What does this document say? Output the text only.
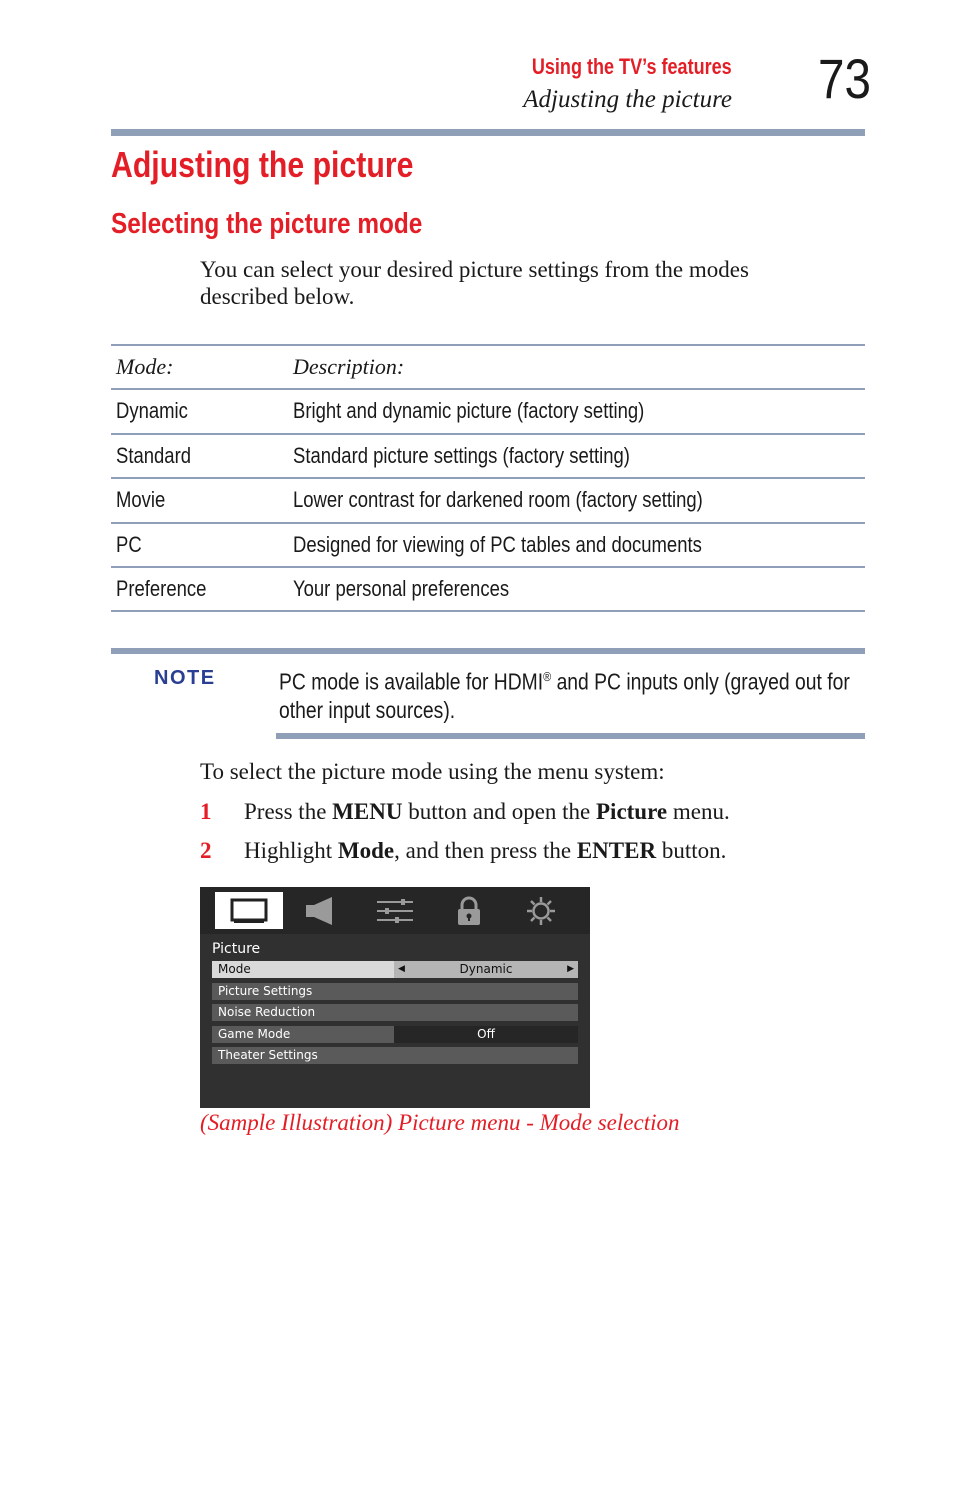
Using the TV’s features
Adjusting the picture 73
Adjusting the picture
Selecting the picture mode

You can select your desired picture settings from the modes described below.

Mode:	Description:
Dynamic	Bright and dynamic picture (factory setting)
Standard	Standard picture settings (factory setting)
Movie	Lower contrast for darkened room (factory setting)
PC	Designed for viewing of PC tables and documents
Preference	Your personal preferences
NOTE	PC mode is available for HDMI® and PC inputs only (grayed out for other input sources).

To select the picture mode using the menu system:

1 Press the MENU button and open the Picture menu.
2 Highlight Mode, and then press the ENTER button.
Picture
Mode	◀	Dynamic	▶
Picture Settings
Noise Reduction
Game Mode	Off
Theater Settings

(Sample Illustration) Picture menu - Mode selection
